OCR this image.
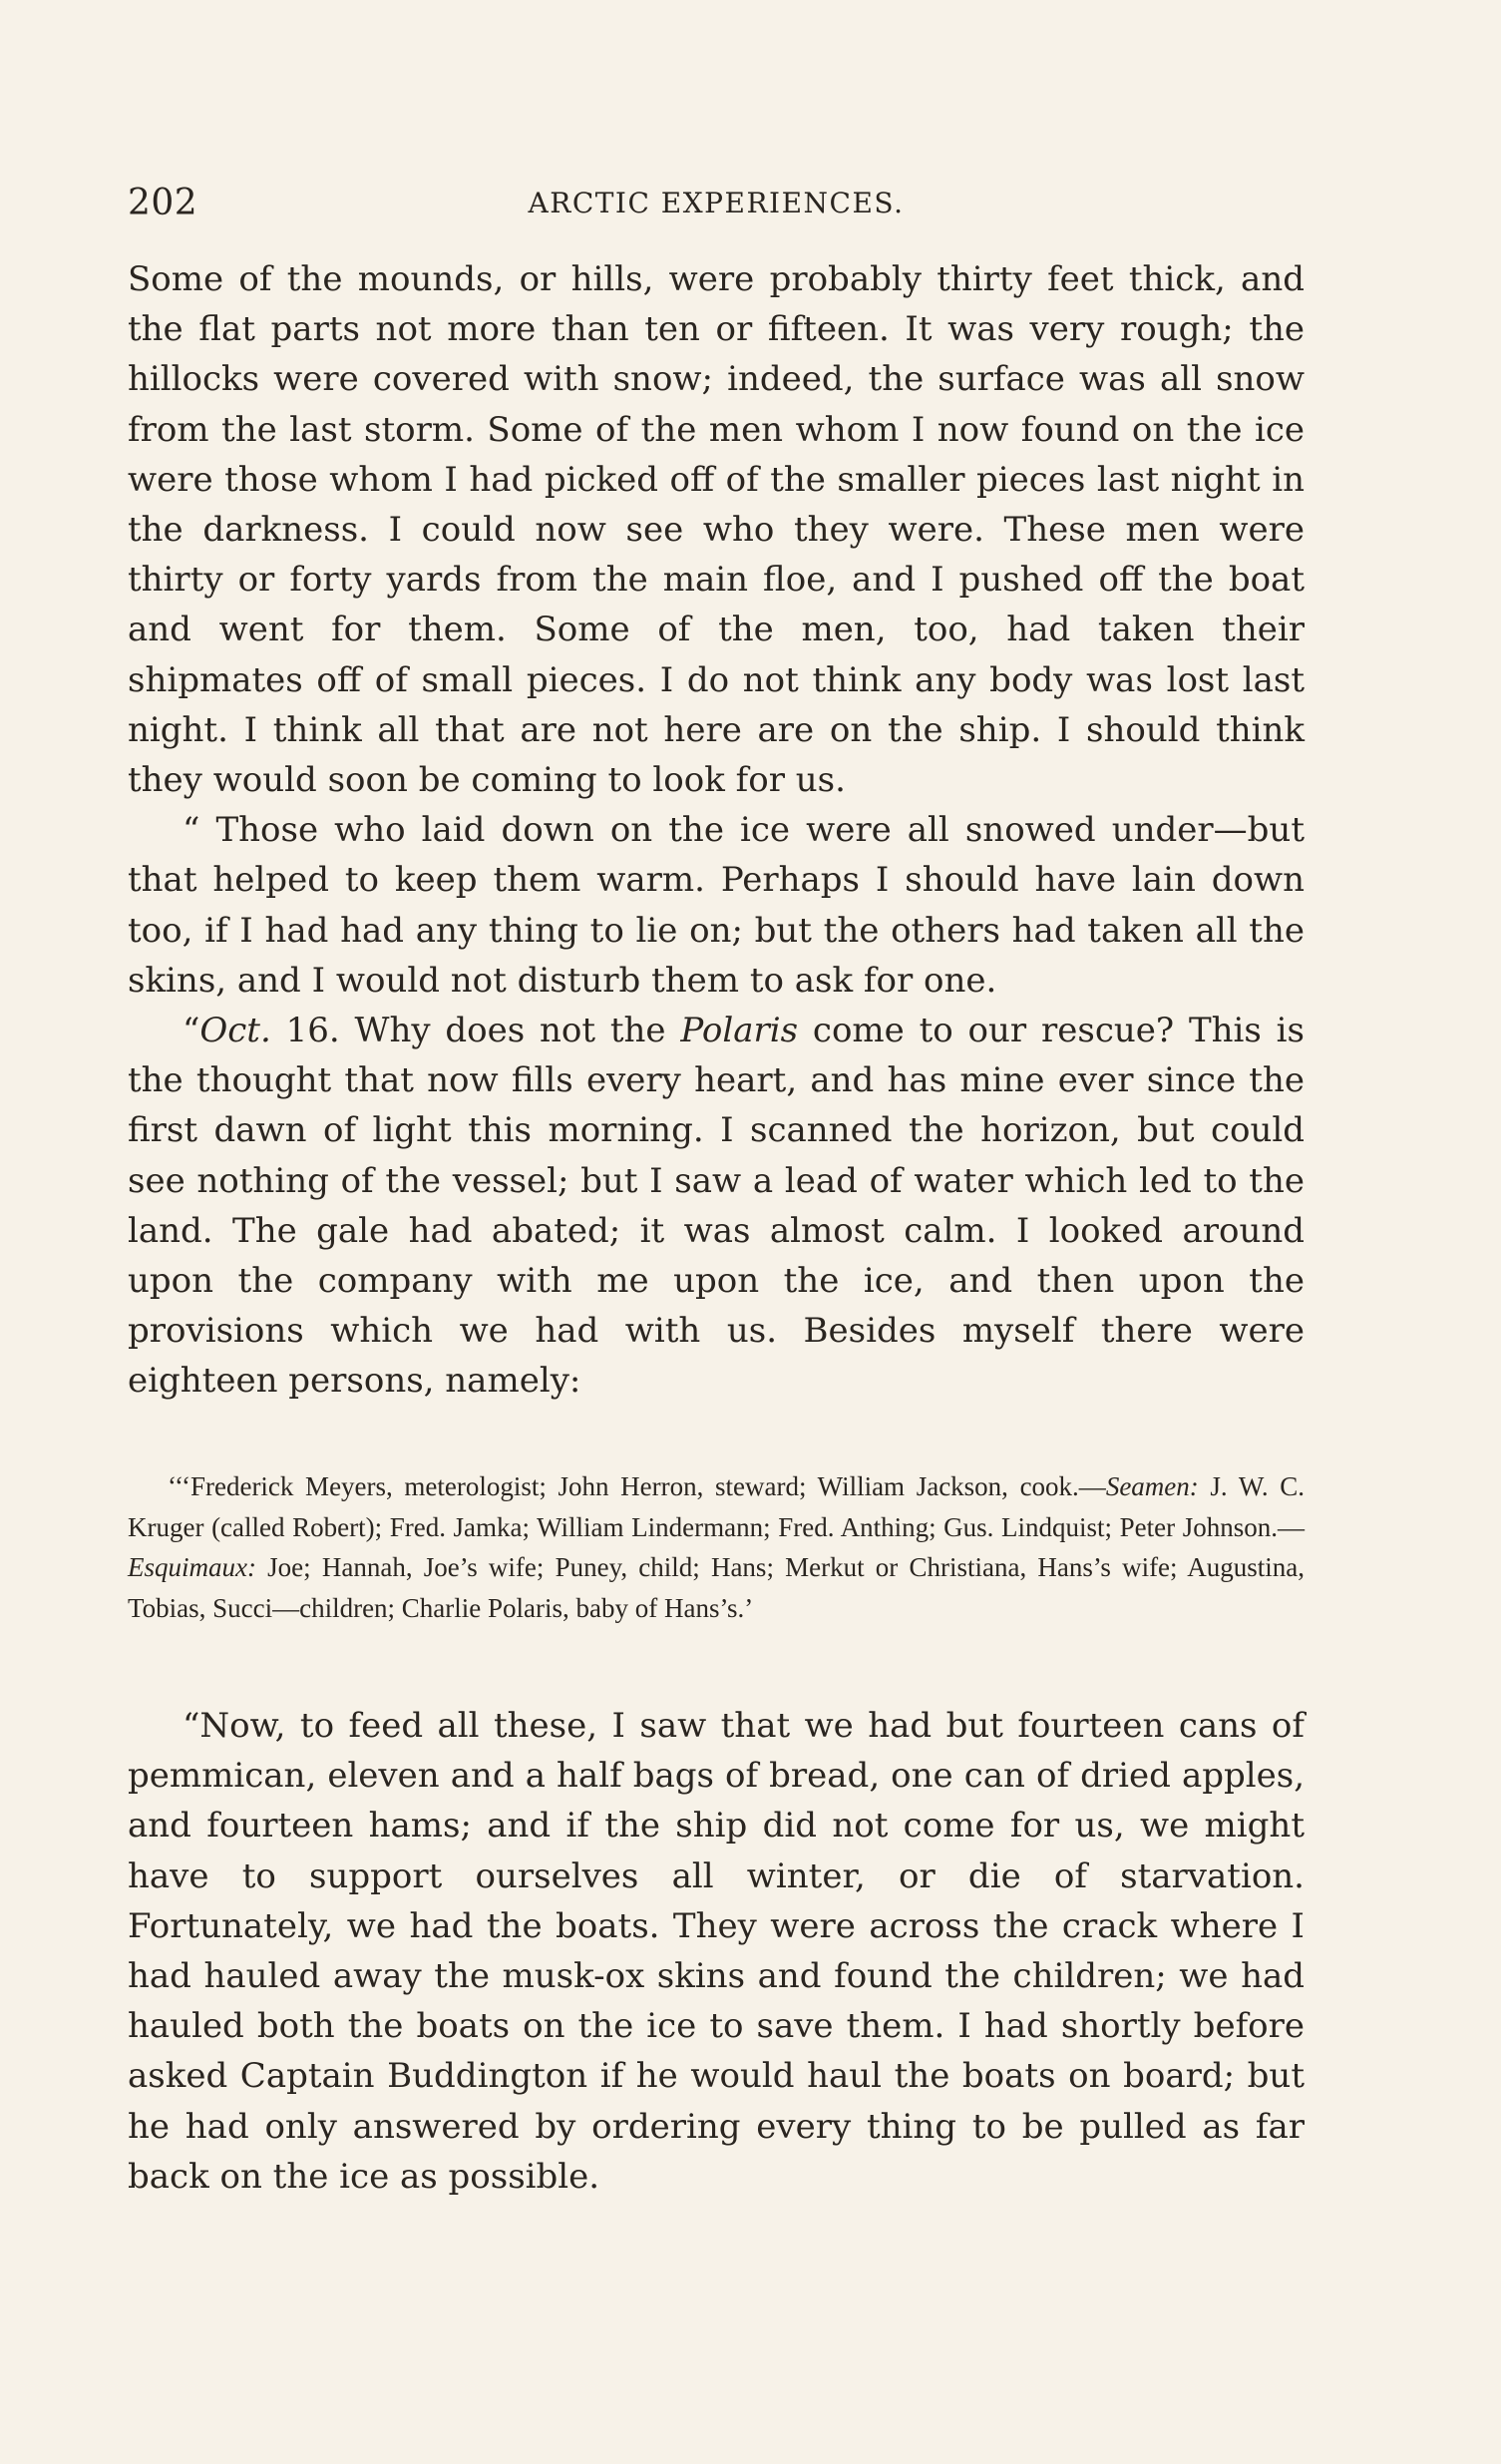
202	ARCTIC EXPERIENCES.

Some of the mounds, or hills, were probably thirty feet thick, and the flat parts not more than ten or fifteen. It was very rough; the hillocks were covered with snow; indeed, the surface was all snow from the last storm. Some of the men whom I now found on the ice were those whom I had picked off of the smaller pieces last night in the darkness. I could now see who they were. These men were thirty or forty yards from the main floe, and I pushed off the boat and went for them. Some of the men, too, had taken their shipmates off of small pieces. I do not think any body was lost last night. I think all that are not here are on the ship. I should think they would soon be coming to look for us.

“ Those who laid down on the ice were all snowed under—but that helped to keep them warm. Perhaps I should have lain down too, if I had had any thing to lie on; but the others had taken all the skins, and I would not disturb them to ask for one.

“Oct. 16. Why does not the Polaris come to our rescue? This is the thought that now fills every heart, and has mine ever since the first dawn of light this morning. I scanned the horizon, but could see nothing of the vessel; but I saw a lead of water which led to the land. The gale had abated; it was almost calm. I looked around upon the company with me upon the ice, and then upon the provisions which we had with us. Besides myself there were eighteen persons, namely:

‘‘‘Frederick Meyers, meterologist; John Herron, steward; William Jackson, cook.—Seamen: J. W. C. Kruger (called Robert); Fred. Jamka; William Lindermann; Fred. Anthing; Gus. Lindquist; Peter Johnson.—Esquimaux: Joe; Hannah, Joe’s wife; Puney, child; Hans; Merkut or Christiana, Hans’s wife; Augustina, Tobias, Succi—children; Charlie Polaris, baby of Hans’s.’

“Now, to feed all these, I saw that we had but fourteen cans of pemmican, eleven and a half bags of bread, one can of dried apples, and fourteen hams; and if the ship did not come for us, we might have to support ourselves all winter, or die of starvation. Fortunately, we had the boats. They were across the crack where I had hauled away the musk-ox skins and found the children; we had hauled both the boats on the ice to save them. I had shortly before asked Captain Buddington if he would haul the boats on board; but he had only answered by ordering every thing to be pulled as far back on the ice as possible.
